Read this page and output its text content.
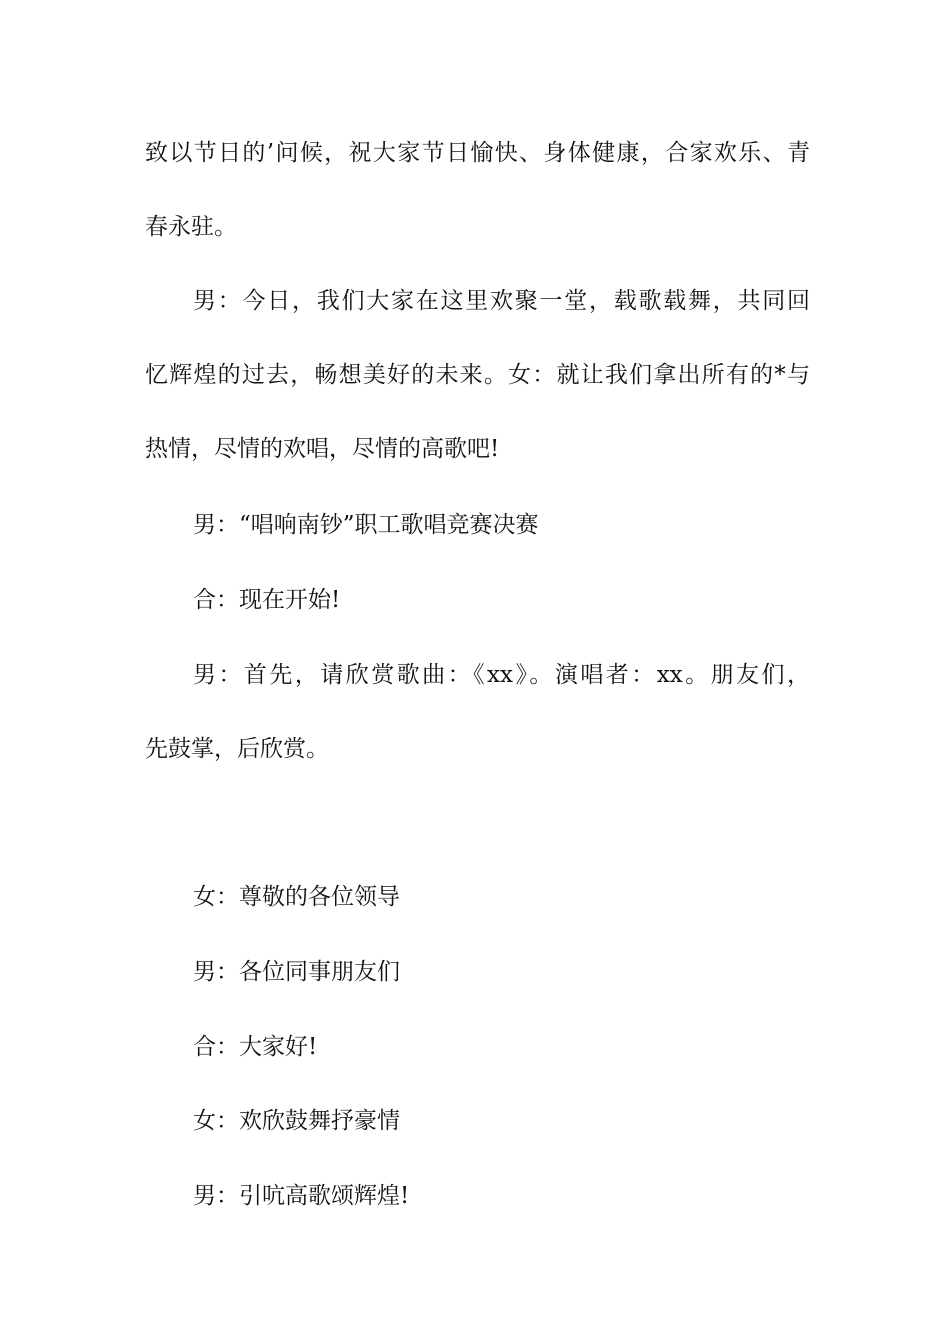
致以节日的’问候，祝大家节日愉快、身体健康，合家欢乐、青
春永驻。
男：今日，我们大家在这里欢聚一堂，载歌载舞，共同回
忆辉煌的过去，畅想美好的未来。女：就让我们拿出所有的*与
热情，尽情的欢唱，尽情的高歌吧!
男：“唱响南钞”职工歌唱竞赛决赛
合：现在开始!
男：首先，请欣赏歌曲：《xx》。演唱者：xx。朋友们，
先鼓掌，后欣赏。
女：尊敬的各位领导
男：各位同事朋友们
合：大家好!
女：欢欣鼓舞抒豪情
男：引吭高歌颂辉煌!
